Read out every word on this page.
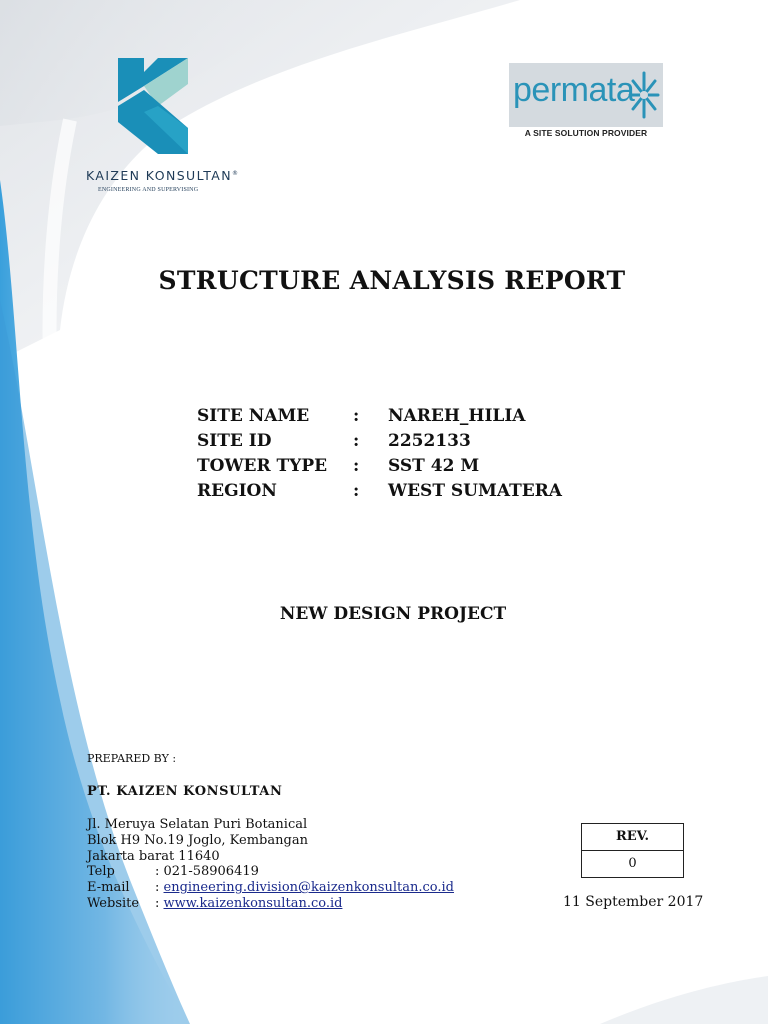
KAIZEN KONSULTAN®
ENGINEERING AND SUPERVISING
permata
A SITE SOLUTION PROVIDER
STRUCTURE ANALYSIS REPORT
SITE NAME	: NAREH_HILIA
SITE ID	: 2252133
TOWER TYPE : SST 42 M
REGION	: WEST SUMATERA
NEW DESIGN PROJECT
PREPARED BY :
PT. KAIZEN KONSULTAN
Jl. Meruya Selatan Puri Botanical
Blok H9 No.19 Joglo, Kembangan
Jakarta barat 11640
Telp	: 021-58906419
E-mail : engineering.division@kaizenkonsultan.co.id
Website : www.kaizenkonsultan.co.id
REV.
0
11 September 2017
